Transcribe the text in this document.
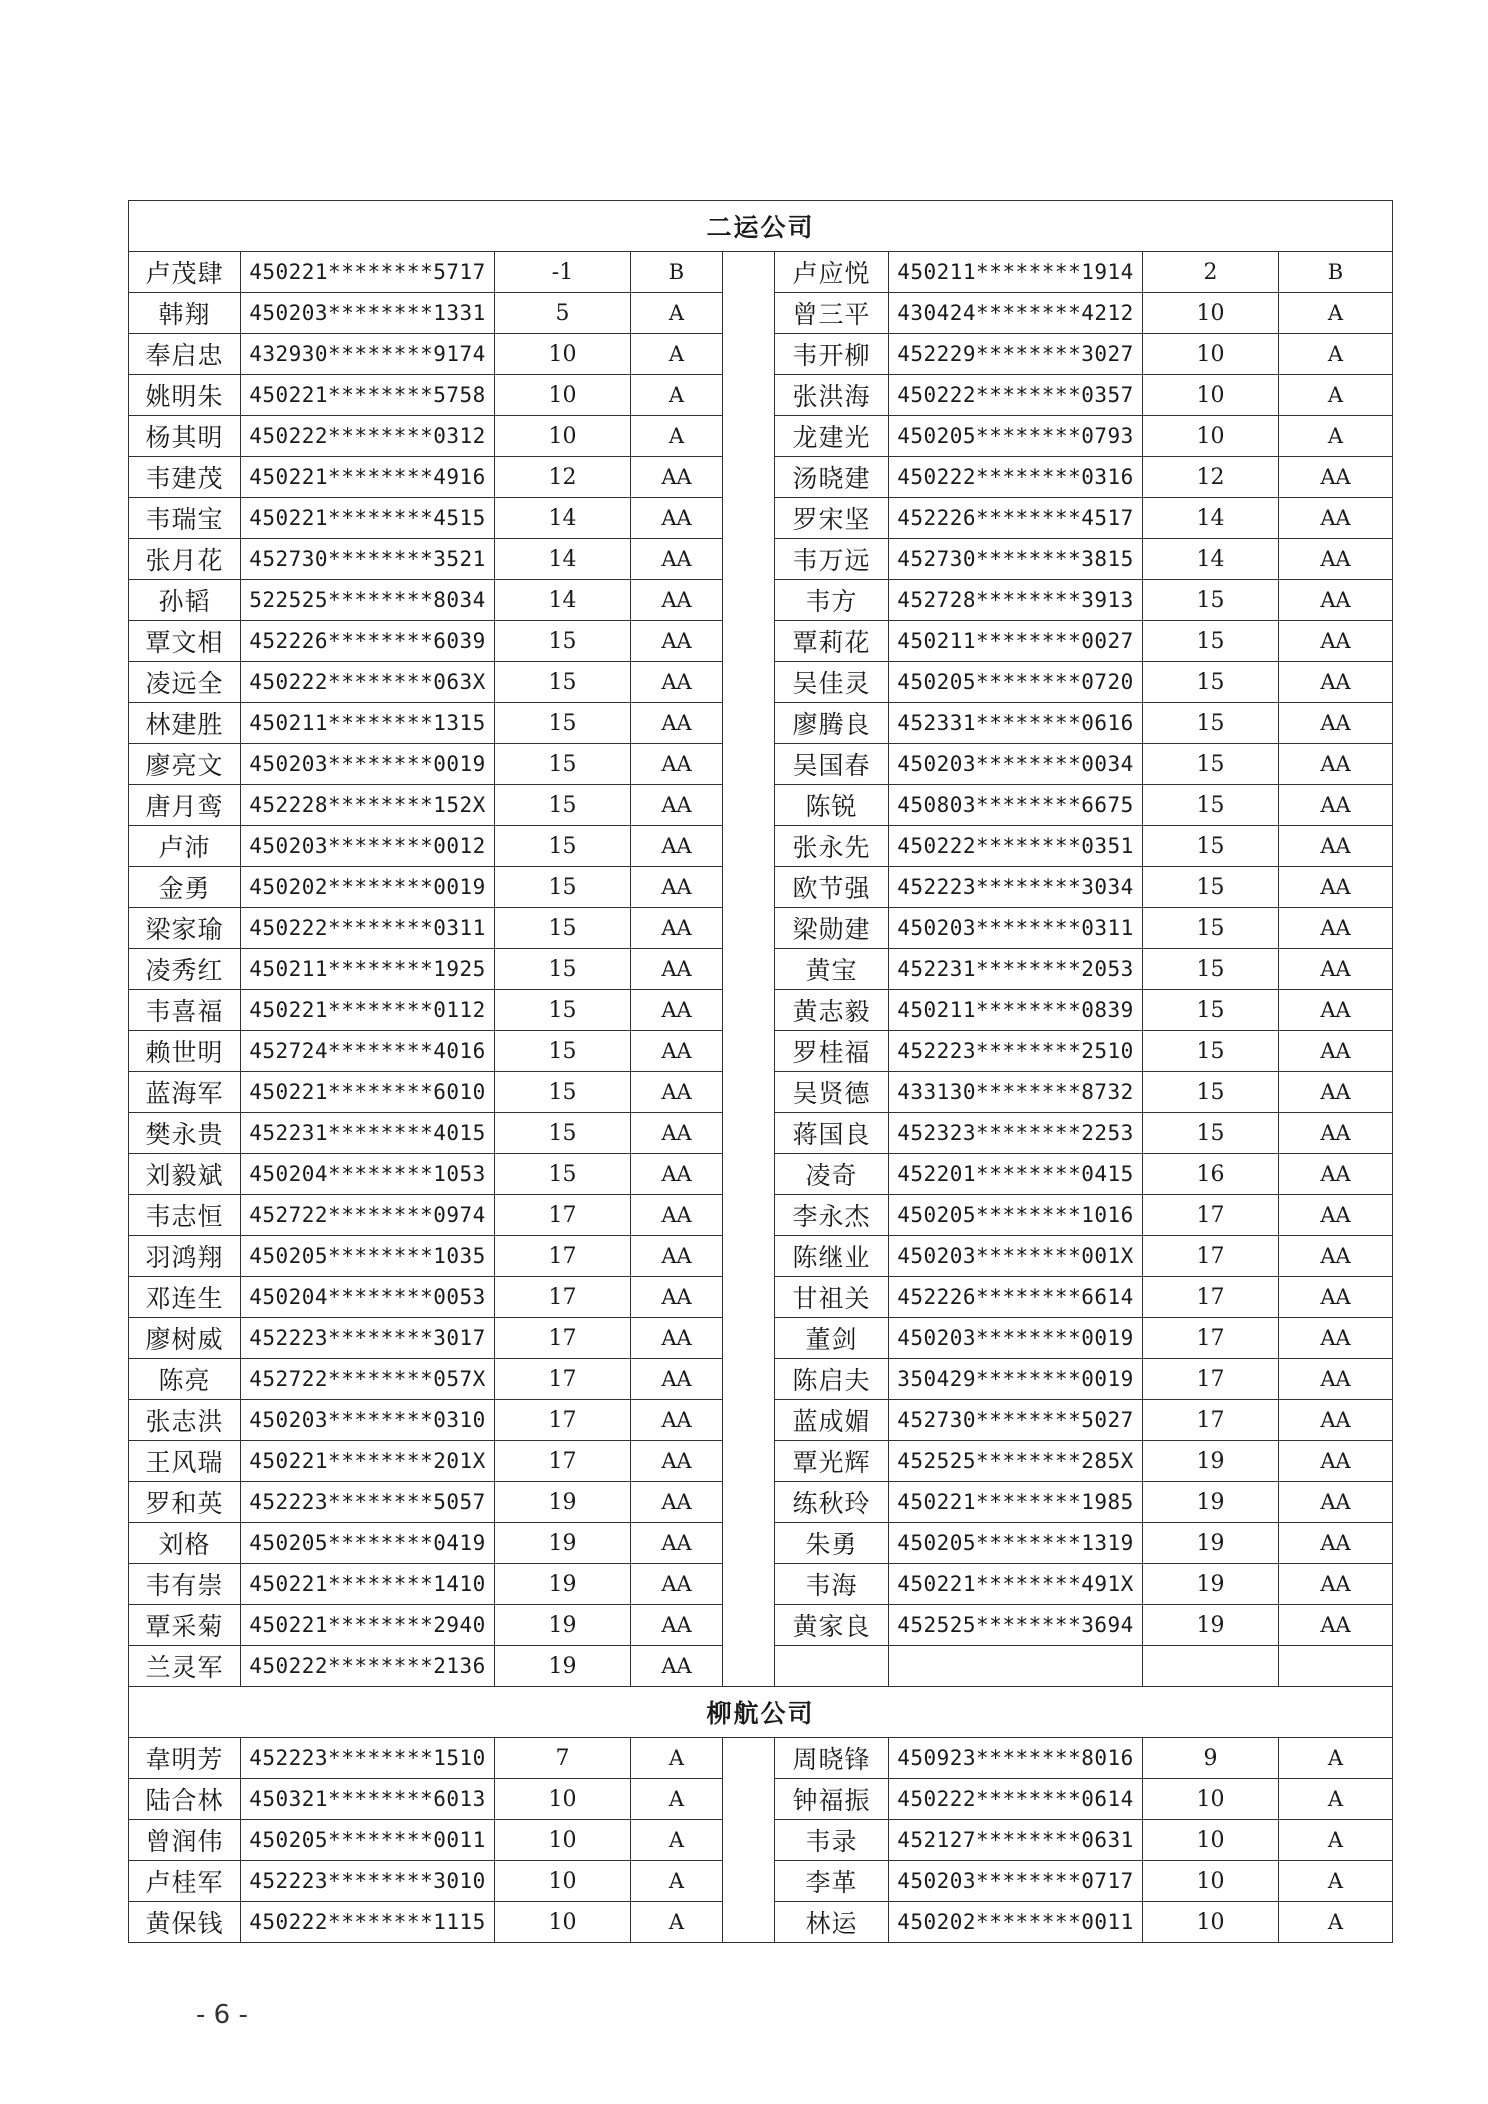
二运公司								
卢茂肆	450221********5717	-1	B		卢应悦	450211********1914	2	B
韩翔	450203********1331	5	A		曾三平	430424********4212	10	A
奉启忠	432930********9174	10	A		韦开柳	452229********3027	10	A
姚明朱	450221********5758	10	A		张洪海	450222********0357	10	A
杨其明	450222********0312	10	A		龙建光	450205********0793	10	A
韦建茂	450221********4916	12	AA		汤晓建	450222********0316	12	AA
韦瑞宝	450221********4515	14	AA		罗宋坚	452226********4517	14	AA
张月花	452730********3521	14	AA		韦万远	452730********3815	14	AA
孙韬	522525********8034	14	AA		韦方	452728********3913	15	AA
覃文相	452226********6039	15	AA		覃莉花	450211********0027	15	AA
凌远全	450222********063X	15	AA		吴佳灵	450205********0720	15	AA
林建胜	450211********1315	15	AA		廖腾良	452331********0616	15	AA
廖亮文	450203********0019	15	AA		吴国春	450203********0034	15	AA
唐月鸾	452228********152X	15	AA		陈锐	450803********6675	15	AA
卢沛	450203********0012	15	AA		张永先	450222********0351	15	AA
金勇	450202********0019	15	AA		欧节强	452223********3034	15	AA
梁家瑜	450222********0311	15	AA		梁勋建	450203********0311	15	AA
凌秀红	450211********1925	15	AA		黄宝	452231********2053	15	AA
韦喜福	450221********0112	15	AA		黄志毅	450211********0839	15	AA
赖世明	452724********4016	15	AA		罗桂福	452223********2510	15	AA
蓝海军	450221********6010	15	AA		吴贤德	433130********8732	15	AA
樊永贵	452231********4015	15	AA		蒋国良	452323********2253	15	AA
刘毅斌	450204********1053	15	AA		凌奇	452201********0415	16	AA
韦志恒	452722********0974	17	AA		李永杰	450205********1016	17	AA
羽鸿翔	450205********1035	17	AA		陈继业	450203********001X	17	AA
邓连生	450204********0053	17	AA		甘祖关	452226********6614	17	AA
廖树威	452223********3017	17	AA		董剑	450203********0019	17	AA
陈亮	452722********057X	17	AA		陈启夫	350429********0019	17	AA
张志洪	450203********0310	17	AA		蓝成媚	452730********5027	17	AA
王风瑞	450221********201X	17	AA		覃光辉	452525********285X	19	AA
罗和英	452223********5057	19	AA		练秋玲	450221********1985	19	AA
刘格	450205********0419	19	AA		朱勇	450205********1319	19	AA
韦有崇	450221********1410	19	AA		韦海	450221********491X	19	AA
覃采菊	450221********2940	19	AA		黄家良	452525********3694	19	AA
兰灵军	450222********2136	19	AA					
柳航公司								
韋明芳	452223********1510	7	A		周晓锋	450923********8016	9	A
陆合林	450321********6013	10	A		钟福振	450222********0614	10	A
曾润伟	450205********0011	10	A		韦录	452127********0631	10	A
卢桂军	452223********3010	10	A		李革	450203********0717	10	A
黄保钱	450222********1115	10	A		林运	450202********0011	10	A
- 6 -
